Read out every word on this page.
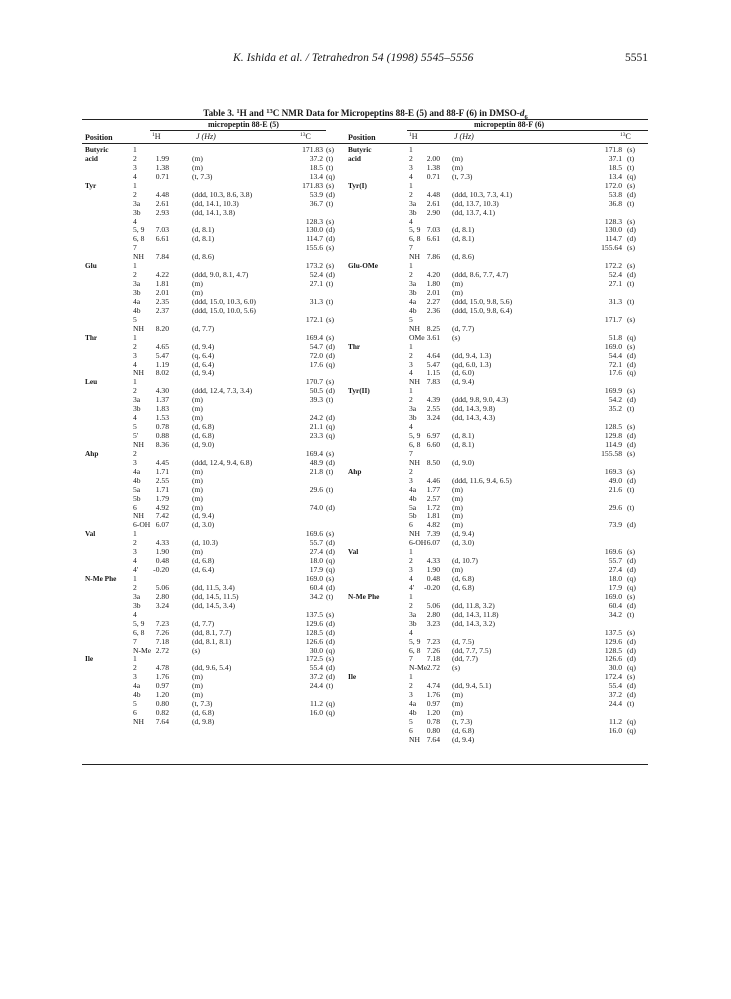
K. Ishida et al. / Tetrahedron 54 (1998) 5545–5556	5551
Table 3. $^1$H and $^{13}$C NMR Data for Micropeptins 88-E (5) and 88-F (6) in DMSO-$d_6$
micropeptin 88-E (5)	micropeptin 88-F (6)
Position	$^1$H	J (Hz)	$^{13}$C	Position	$^1$H	J (Hz)	$^{13}$C
Butyric	1	171.83 (s)
acid	2	1.99	(m)	37.2 (t)
3	1.38	(m)	18.5 (t)
4	0.71	(t, 7.3)	13.4 (q)
Tyr	1	171.83 (s)
2	4.48	(ddd, 10.3, 8.6, 3.8)	53.9 (d)
3a	2.61	(dd, 14.1, 10.3)	36.7 (t)
3b	2.93	(dd, 14.1, 3.8)
4	128.3 (s)
5, 9	7.03	(d, 8.1)	130.0 (d)
6, 8	6.61	(d, 8.1)	114.7 (d)
7	155.6 (s)
NH	7.84	(d, 8.6)
Glu	1	173.2 (s)
2	4.22	(ddd, 9.0, 8.1, 4.7)	52.4 (d)
3a	1.81	(m)	27.1 (t)
3b	2.01	(m)
4a	2.35	(ddd, 15.0, 10.3, 6.0)	31.3 (t)
4b	2.37	(ddd, 15.0, 10.0, 5.6)
5	172.1 (s)
NH	8.20	(d, 7.7)
Thr	1	169.4 (s)
2	4.65	(d, 9.4)	54.7 (d)
3	5.47	(q, 6.4)	72.0 (d)
4	1.19	(d, 6.4)	17.6 (q)
NH	8.02	(d, 9.4)
Leu	1	170.7 (s)
2	4.30	(ddd, 12.4, 7.3, 3.4)	50.5 (d)
3a	1.37	(m)	39.3 (t)
3b	1.83	(m)
4	1.53	(m)	24.2 (d)
5	0.78	(d, 6.8)	21.1 (q)
5'	0.88	(d, 6.8)	23.3 (q)
NH	8.36	(d, 9.0)
Ahp	2	169.4 (s)
3	4.45	(ddd, 12.4, 9.4, 6.8)	48.9 (d)
4a	1.71	(m)	21.8 (t)
4b	2.55	(m)
5a	1.71	(m)	29.6 (t)
5b	1.79	(m)
6	4.92	(m)	74.0 (d)
NH	7.42	(d, 9.4)
6-OH 6.07	(d, 3.0)
Val	1	169.6 (s)
2	4.33	(d, 10.3)	55.7 (d)
3	1.90	(m)	27.4 (d)
4	0.48	(d, 6.8)	18.0 (q)
4'	-0.20	(d, 6.4)	17.9 (q)
N-Me Phe 1	169.0 (s)
2	5.06	(dd, 11.5, 3.4)	60.4 (d)
3a	2.80	(dd, 14.5, 11.5)	34.2 (t)
3b	3.24	(dd, 14.5, 3.4)
4	137.5 (s)
5, 9	7.23	(d, 7.7)	129.6 (d)
6, 8	7.26	(dd, 8.1, 7.7)	128.5 (d)
7	7.18	(dd, 8.1, 8.1)	126.6 (d)
N-Me 2.72	(s)	30.0 (q)
Ile	1	172.5 (s)
2	4.78	(dd, 9.6, 5.4)	55.4 (d)
3	1.76	(m)	37.2 (d)
4a	0.97	(m)	24.4 (t)
4b	1.20	(m)
5	0.80	(t, 7.3)	11.2 (q)
6	0.82	(d, 6.8)	16.0 (q)
NH	7.64	(d, 9.8)
Butyric	1	171.8 (s)
acid	2	2.00 (m)	37.1 (t)
3	1.38 (m)	18.5 (t)
4	0.71 (t, 7.3)	13.4 (q)
Tyr(I)	1	172.0 (s)
2	4.48 (ddd, 10.3, 7.3, 4.1)	53.8 (d)
3a	2.61 (dd, 13.7, 10.3)	36.8 (t)
3b	2.90 (dd, 13.7, 4.1)
4	128.3 (s)
5, 9 7.03 (d, 8.1)	130.0 (d)
6, 8 6.61 (d, 8.1)	114.7 (d)
7	155.64 (s)
NH 7.86 (d, 8.6)
Glu-OMe	1	172.2 (s)
2	4.20 (ddd, 8.6, 7.7, 4.7)	52.4 (d)
3a	1.80 (m)	27.1 (t)
3b	2.01 (m)
4a	2.27 (ddd, 15.0, 9.8, 5.6)	31.3 (t)
4b	2.36 (ddd, 15.0, 9.8, 6.4)
5	171.7 (s)
NH 8.25 (d, 7.7)
OMe 3.61 (s)	51.8 (q)
Thr	1	169.0 (s)
2	4.64 (dd, 9.4, 1.3)	54.4 (d)
3	5.47 (qd, 6.0, 1.3)	72.1 (d)
4	1.15 (d, 6.0)	17.6 (q)
NH 7.83 (d, 9.4)
Tyr(II)	1	169.9 (s)
2	4.39 (ddd, 9.8, 9.0, 4.3)	54.2 (d)
3a	2.55 (dd, 14.3, 9.8)	35.2 (t)
3b	3.24 (dd, 14.3, 4.3)
4	128.5 (s)
5, 9 6.97 (d, 8.1)	129.8 (d)
6, 8 6.60 (d, 8.1)	114.9 (d)
7	155.58 (s)
NH 8.50 (d, 9.0)
Ahp	2	169.3 (s)
3	4.46 (ddd, 11.6, 9.4, 6.5)	49.0 (d)
4a	1.77 (m)	21.6 (t)
4b	2.57 (m)
5a	1.72 (m)	29.6 (t)
5b	1.81 (m)
6	4.82 (m)	73.9 (d)
NH 7.39 (d, 9.4)
6-OH 6.07 (d, 3.0)
Val	1	169.6 (s)
2	4.33 (d, 10.7)	55.7 (d)
3	1.90 (m)	27.4 (d)
4	0.48 (d, 6.8)	18.0 (q)
4'	-0.20 (d, 6.8)	17.9 (q)
N-Me Phe	1	169.0 (s)
2	5.06 (dd, 11.8, 3.2)	60.4 (d)
3a	2.80 (dd, 14.3, 11.8)	34.2 (t)
3b	3.23 (dd, 14.3, 3.2)
4	137.5 (s)
5, 9 7.23 (d, 7.5)	129.6 (d)
6, 8 7.26 (dd, 7.7, 7.5)	128.5 (d)
7	7.18 (dd, 7.7)	126.6 (d)
N-Me 2.72 (s)	30.0 (q)
Ile	1	172.4 (s)
2	4.74 (dd, 9.4, 5.1)	55.4 (d)
3	1.76 (m)	37.2 (d)
4a	0.97 (m)	24.4 (t)
4b	1.20 (m)
5	0.78 (t, 7.3)	11.2 (q)
6	0.80 (d, 6.8)	16.0 (q)
NH 7.64 (d, 9.4)
